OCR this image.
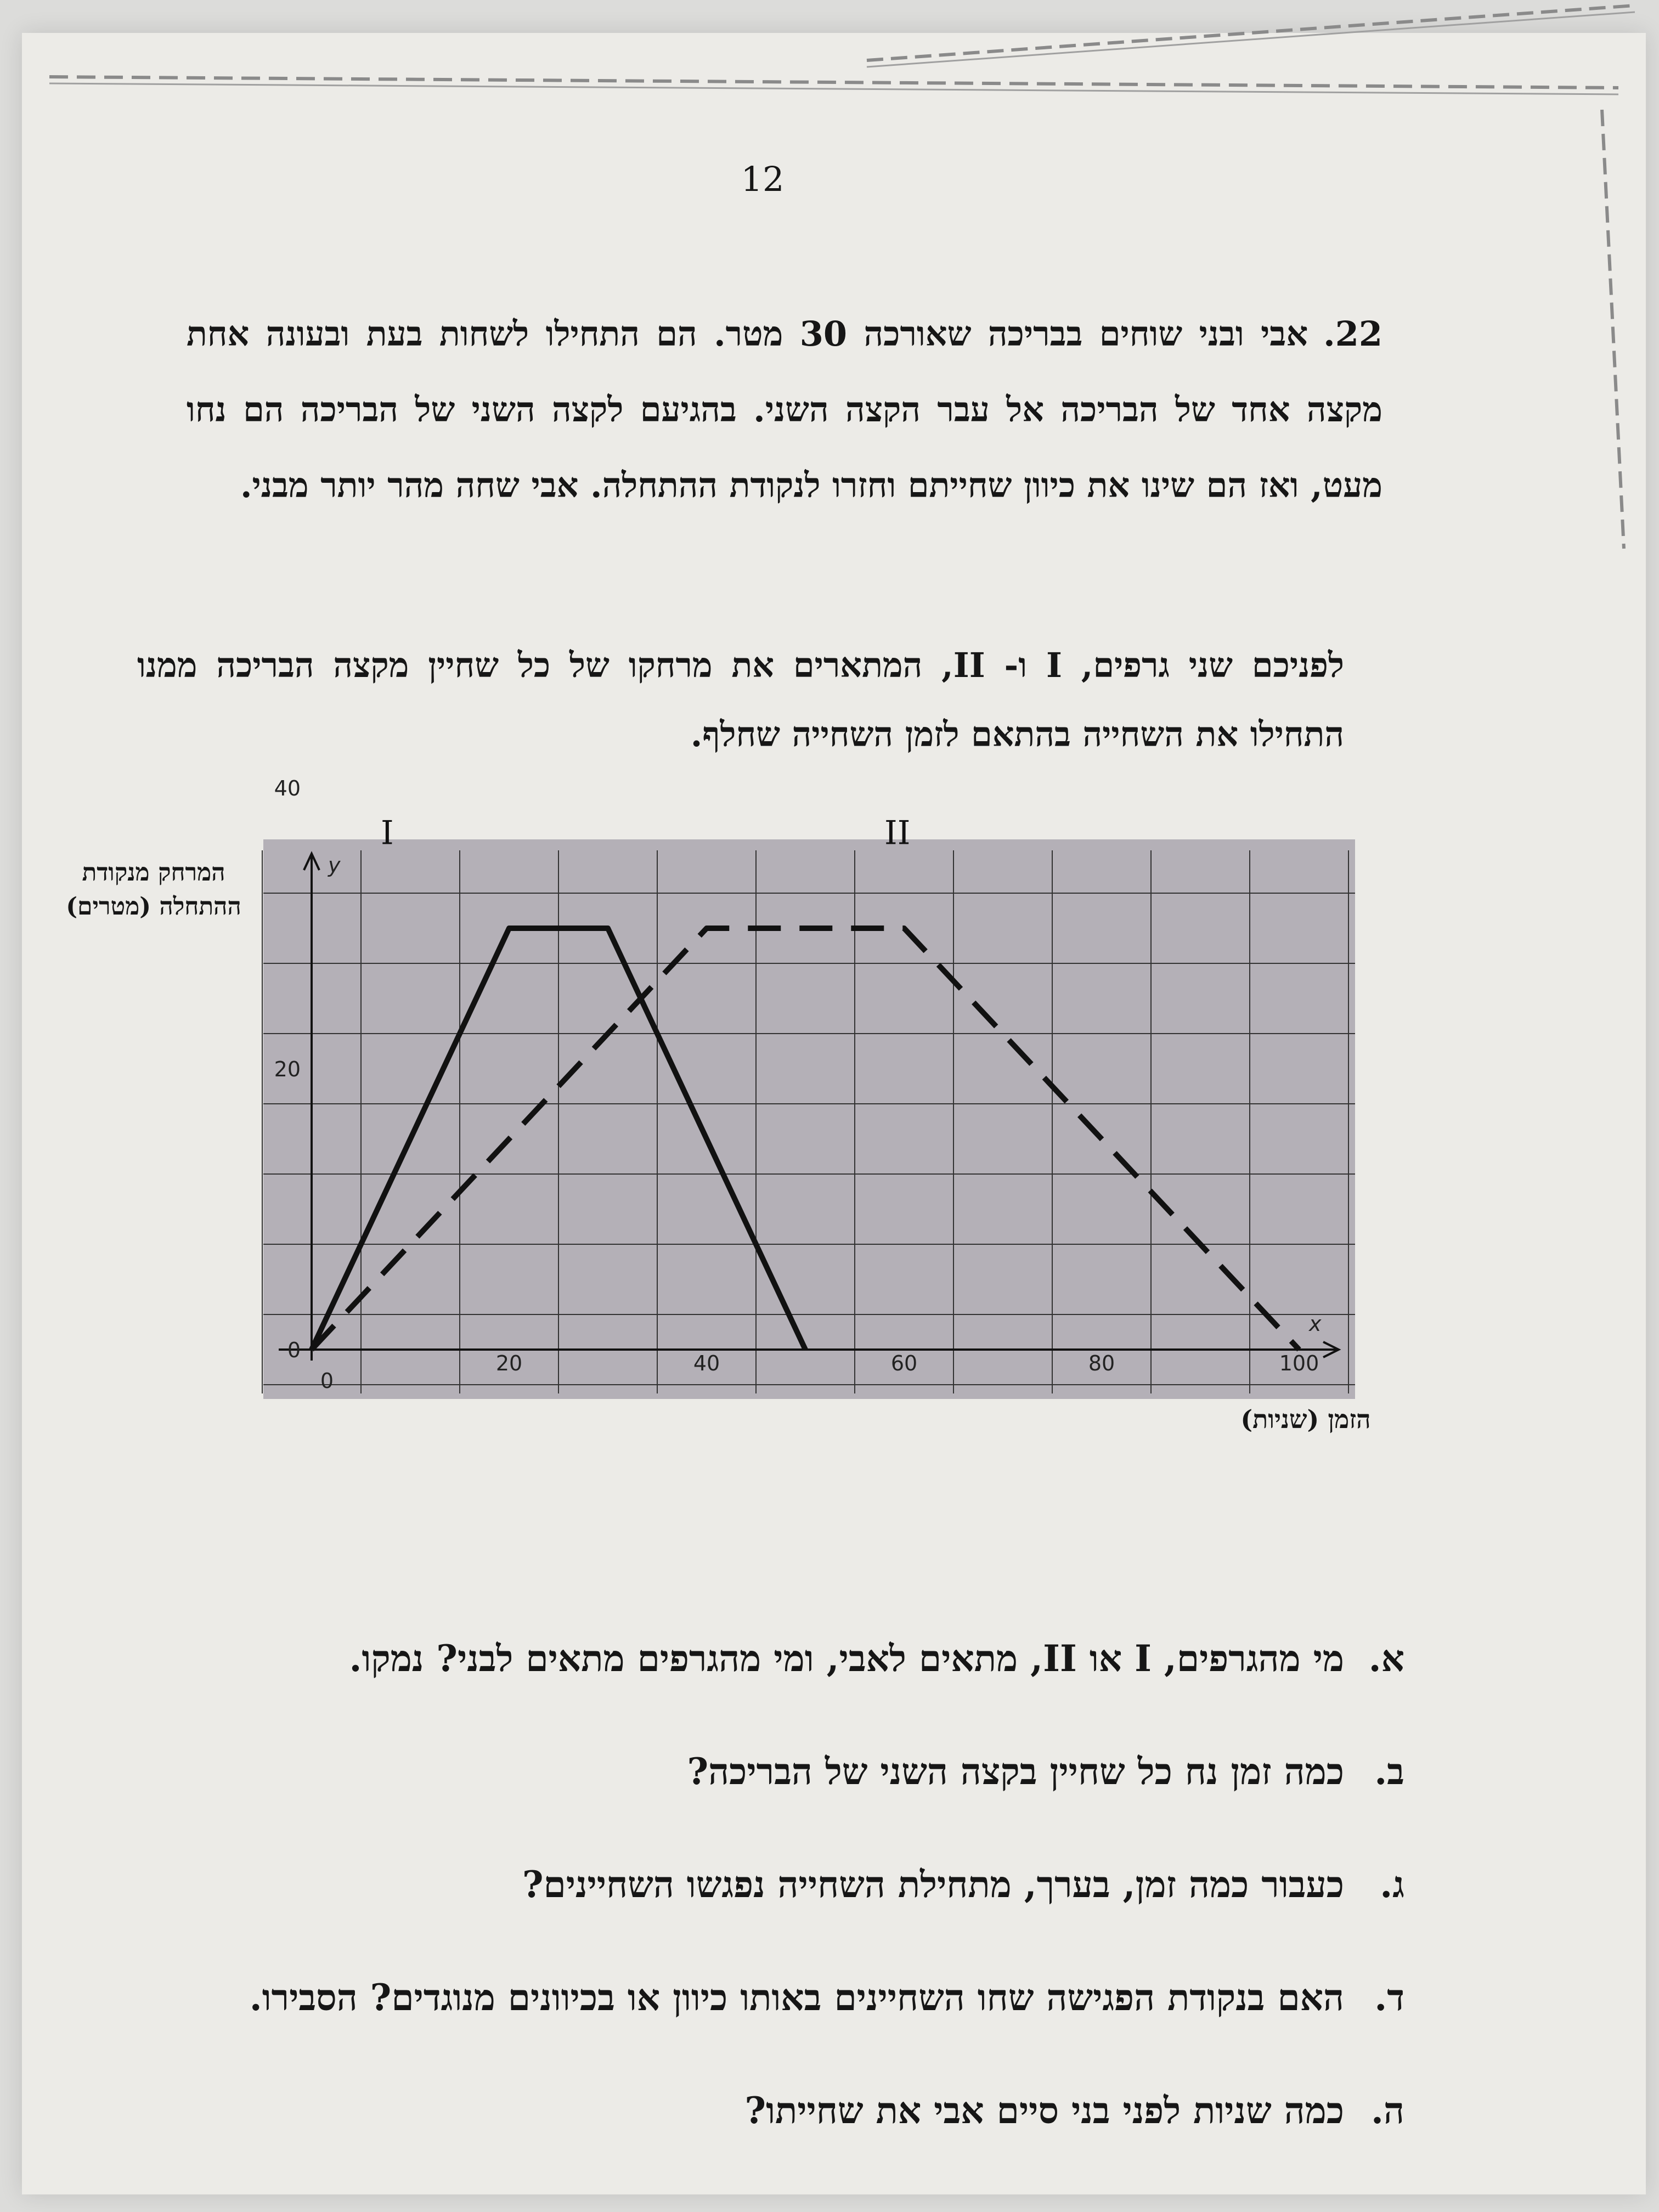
12
22.אבי ובני שוחים בבריכה שאורכה 30 מטר. הם התחילו לשחות בעת ובעונה אחת מקצה אחד של הבריכה אל עבר הקצה השני. בהגיעם לקצה השני של הבריכה הם נחו מעט, ואז הם שינו את כיוון שחייתם וחזרו לנקודת ההתחלה. אבי שחה מהר יותר מבני.
לפניכם שני גרפים, I ו- II, המתארים את מרחקו של כל שחיין מקצה הבריכה ממנו התחילו את השחייה בהתאם לזמן השחייה שחלף.
המרחק מנקודת ההתחלה (מטרים)
0
20	40	60	80	100
0
20
40
I	II
y
x
הזמן (שניות)
א.
מי מהגרפים, I או II, מתאים לאבי, ומי מהגרפים מתאים לבני? נמקו.
ב.
כמה זמן נח כל שחיין בקצה השני של הבריכה?
ג.
כעבור כמה זמן, בערך, מתחילת השחייה נפגשו השחיינים?
ד.
האם בנקודת הפגישה שחו השחיינים באותו כיוון או בכיוונים מנוגדים? הסבירו.
ה.
כמה שניות לפני בני סיים אבי את שחייתו?
